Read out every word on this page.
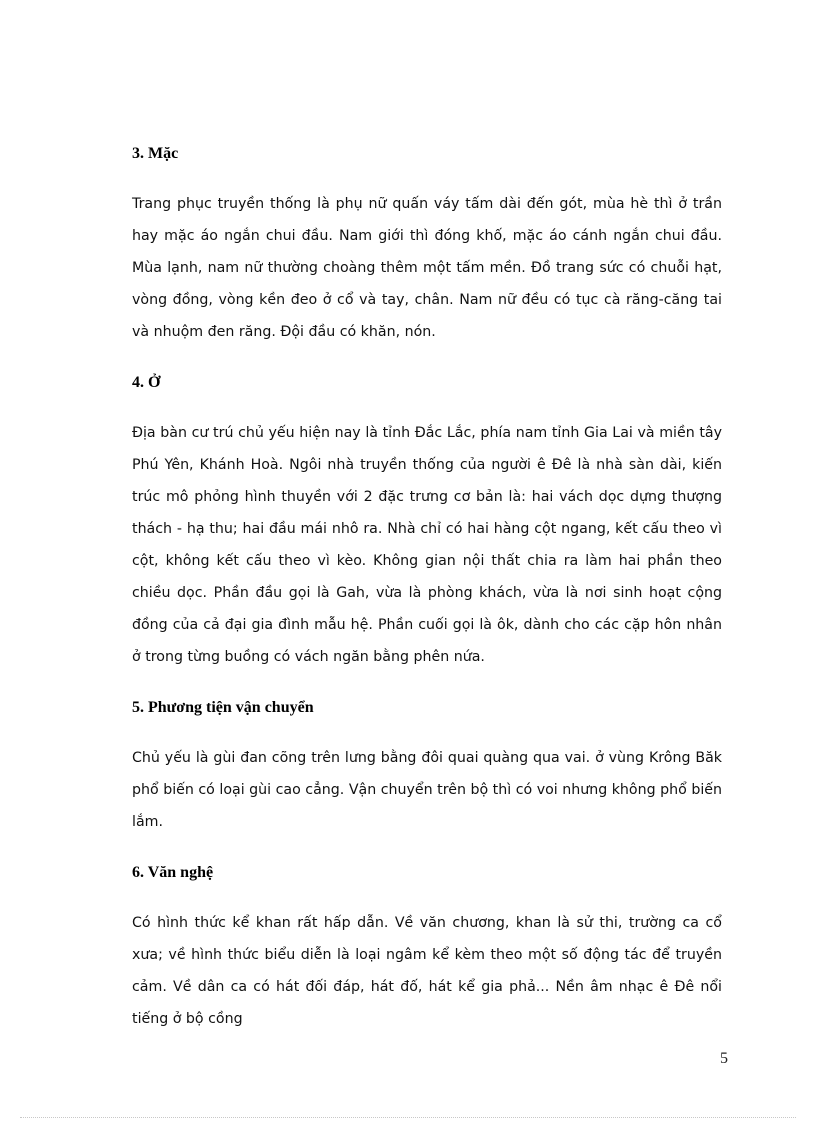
3. Mặc

Trang phục truyền thống là phụ nữ quấn váy tấm dài đến gót, mùa hè thì ở trần hay mặc áo ngắn chui đầu. Nam giới thì đóng khố, mặc áo cánh ngắn chui đầu. Mùa lạnh, nam nữ thường choàng thêm một tấm mền. Đồ trang sức có chuỗi hạt, vòng đồng, vòng kền đeo ở cổ và tay, chân. Nam nữ đều có tục cà răng-căng tai và nhuộm đen răng. Đội đầu có khăn, nón.

4. Ở

Địa bàn cư trú chủ yếu hiện nay là tỉnh Đắc Lắc, phía nam tỉnh Gia Lai và miền tây Phú Yên, Khánh Hoà. Ngôi nhà truyền thống của người ê Đê là nhà sàn dài, kiến trúc mô phỏng hình thuyền với 2 đặc trưng cơ bản là: hai vách dọc dựng thượng thách - hạ thu; hai đầu mái nhô ra. Nhà chỉ có hai hàng cột ngang, kết cấu theo vì cột, không kết cấu theo vì kèo. Không gian nội thất chia ra làm hai phần theo chiều dọc. Phần đầu gọi là Gah, vừa là phòng khách, vừa là nơi sinh hoạt cộng đồng của cả đại gia đình mẫu hệ. Phần cuối gọi là ôk, dành cho các cặp hôn nhân ở trong từng buồng có vách ngăn bằng phên nứa.

5. Phương tiện vận chuyển

Chủ yếu là gùi đan cõng trên lưng bằng đôi quai quàng qua vai. ở vùng Krông Băk phổ biến có loại gùi cao cẳng. Vận chuyển trên bộ thì có voi nhưng không phổ biến lắm.

6. Văn nghệ

Có hình thức kể khan rất hấp dẫn. Về văn chương, khan là sử thi, trường ca cổ xưa; về hình thức biểu diễn là loại ngâm kể kèm theo một số động tác để truyền cảm. Về dân ca có hát đối đáp, hát đố, hát kể gia phả... Nền âm nhạc ê Đê nổi tiếng ở bộ cồng

5
